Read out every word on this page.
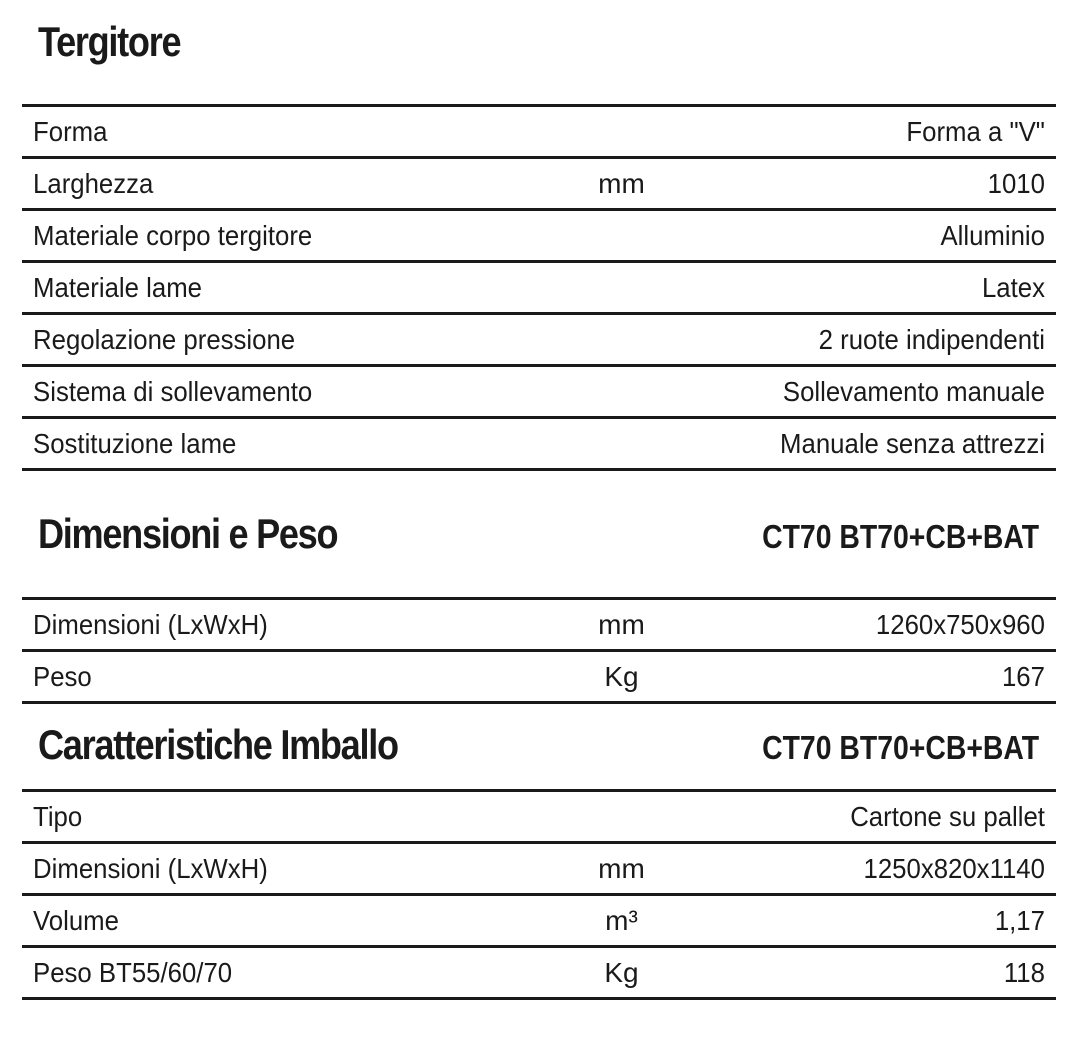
Tergitore
Forma	Forma a "V"
Larghezza	mm	1010
Materiale corpo tergitore	Alluminio
Materiale lame	Latex
Regolazione pressione	2 ruote indipendenti
Sistema di sollevamento	Sollevamento manuale
Sostituzione lame	Manuale senza attrezzi
Dimensioni e Peso	CT70 BT70+CB+BAT
Dimensioni (LxWxH)	mm	1260x750x960
Peso	Kg	167
Caratteristiche Imballo	CT70 BT70+CB+BAT
Tipo	Cartone su pallet
Dimensioni (LxWxH)	mm	1250x820x1140
Volume	m³	1,17
Peso BT55/60/70	Kg	118
